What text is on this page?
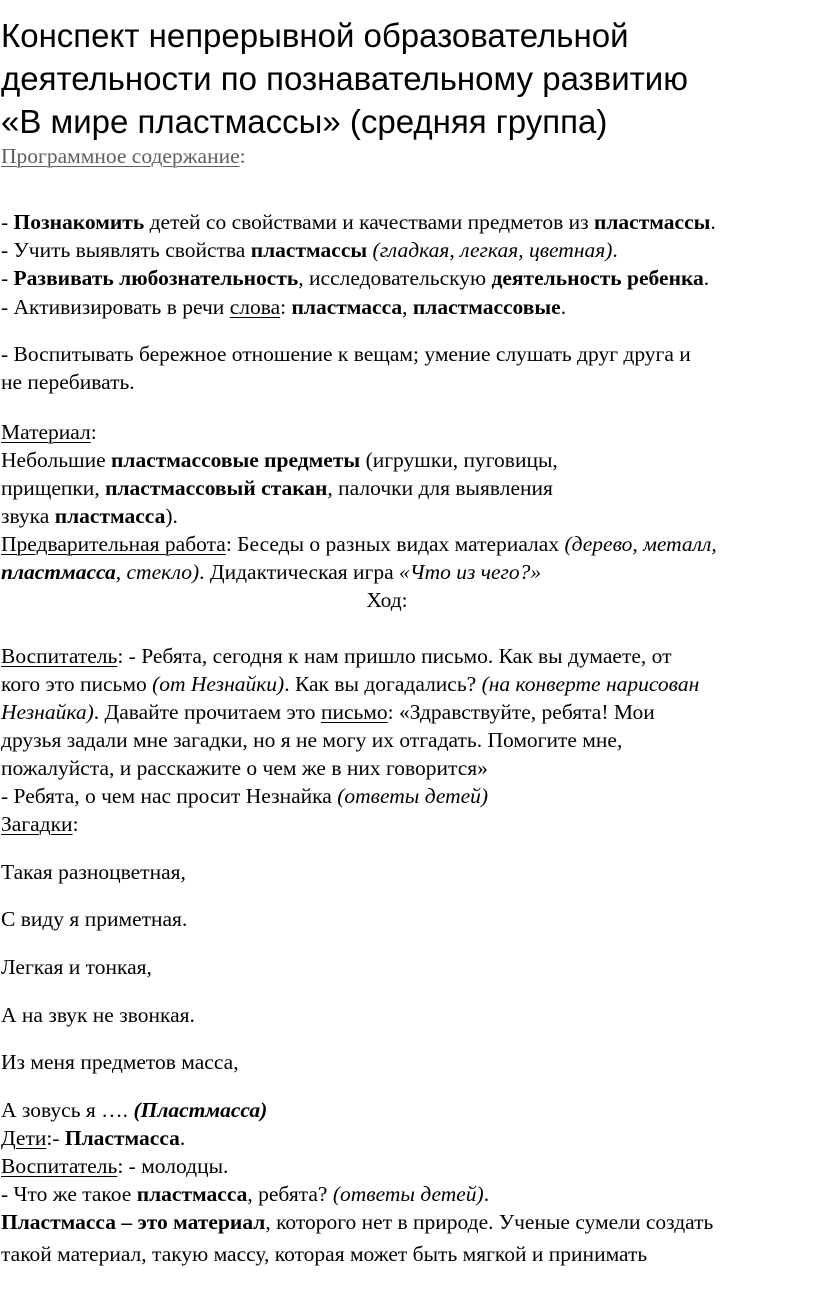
Конспект непрерывной образовательной
деятельности по познавательному развитию
«В мире пластмассы» (средняя группа)
Программное содержание:
- Познакомить детей со свойствами и качествами предметов из пластмассы.
- Учить выявлять свойства пластмассы (гладкая, легкая, цветная).
- Развивать любознательность, исследовательскую деятельность ребенка.
- Активизировать в речи слова: пластмасса, пластмассовые.
- Воспитывать бережное отношение к вещам; умение слушать друг друга и
не перебивать.
Материал:
Небольшие пластмассовые предметы (игрушки, пуговицы,
прищепки, пластмассовый стакан, палочки для выявления
звука пластмасса).
Предварительная работа: Беседы о разных видах материалах (дерево, металл,
пластмасса, стекло). Дидактическая игра «Что из чего?»
Ход:
Воспитатель: - Ребята, сегодня к нам пришло письмо. Как вы думаете, от
кого это письмо (от Незнайки). Как вы догадались? (на конверте нарисован
Незнайка). Давайте прочитаем это письмо: «Здравствуйте, ребята! Мои
друзья задали мне загадки, но я не могу их отгадать. Помогите мне,
пожалуйста, и расскажите о чем же в них говорится»
- Ребята, о чем нас просит Незнайка (ответы детей)
Загадки:
Такая разноцветная,
С виду я приметная.
Легкая и тонкая,
А на звук не звонкая.
Из меня предметов масса,
А зовусь я …. (Пластмасса)
Дети:- Пластмасса.
Воспитатель: - молодцы.
- Что же такое пластмасса, ребята? (ответы детей).
Пластмасса – это материал, которого нет в природе. Ученые сумели создать
такой материал, такую массу, которая может быть мягкой и принимать
